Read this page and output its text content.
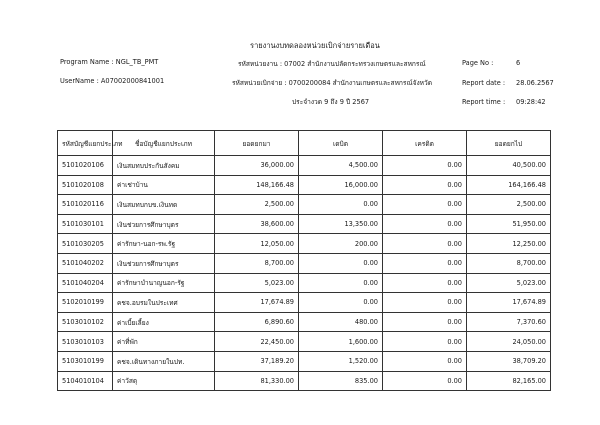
รายงานงบทดลองหน่วยเบิกจ่ายรายเดือน
Program Name : NGL_TB_PMT
UserName : A07002000841001
รหัสหน่วยงาน : 07002 สำนักงานปลัดกระทรวงเกษตรและสหกรณ์
รหัสหน่วยเบิกจ่าย : 0700200084 สำนักงานเกษตรและสหกรณ์จังหวัด
ประจำงวด 9 ถึง 9 ปี 2567
Page No :	6
Report date : 28.06.2567
Report time : 09:28:42
รหัสบัญชีแยกประเภท	ชื่อบัญชีแยกประเภท	ยอดยกมา	เดบิต	เครดิต	ยอดยกไป
5101020106	เงินสมทบประกันสังคม	36,000.00	4,500.00	0.00	40,500.00
5101020108	ค่าเช่าบ้าน	148,166.48	16,000.00	0.00	164,166.48
5101020116	เงินสมทบกบข.เงินทด	2,500.00	0.00	0.00	2,500.00
5101030101	เงินช่วยการศึกษาบุตร	38,600.00	13,350.00	0.00	51,950.00
5101030205	ค่ารักษา-นอก-รพ.รัฐ	12,050.00	200.00	0.00	12,250.00
5101040202	เงินช่วยการศึกษาบุตร	8,700.00	0.00	0.00	8,700.00
5101040204	ค่ารักษาบำนาญนอก-รัฐ	5,023.00	0.00	0.00	5,023.00
5102010199	คชจ.อบรมในประเทศ	17,674.89	0.00	0.00	17,674.89
5103010102	ค่าเบี้ยเลี้ยง	6,890.60	480.00	0.00	7,370.60
5103010103	ค่าที่พัก	22,450.00	1,600.00	0.00	24,050.00
5103010199	คชจ.เดินทางภายในปท.	37,189.20	1,520.00	0.00	38,709.20
5104010104	ค่าวัสดุ	81,330.00	835.00	0.00	82,165.00
